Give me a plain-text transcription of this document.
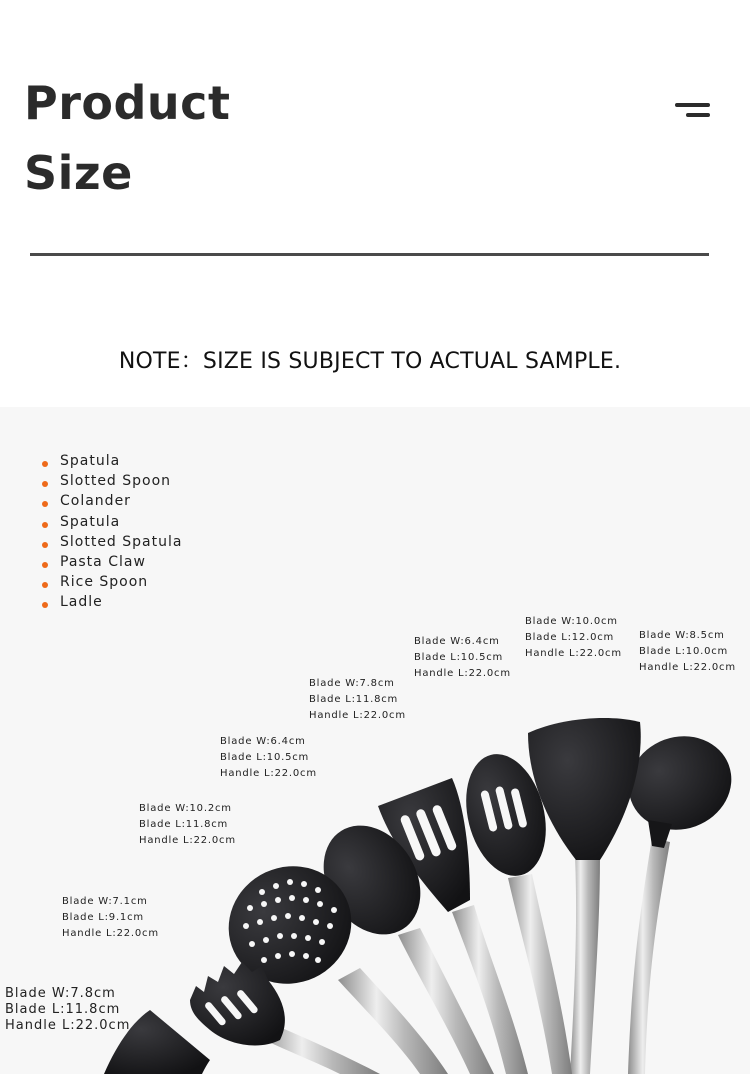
Product
Size
NOTE：SIZE IS SUBJECT TO ACTUAL SAMPLE.
Spatula
Slotted Spoon
Colander
Spatula
Slotted Spatula
Pasta Claw
Rice Spoon
Ladle
Blade W:7.8cm
Blade L:11.8cm
Handle L:22.0cm
Blade W:7.1cm
Blade L:9.1cm
Handle L:22.0cm
Blade W:10.2cm
Blade L:11.8cm
Handle L:22.0cm
Blade W:6.4cm
Blade L:10.5cm
Handle L:22.0cm
Blade W:7.8cm
Blade L:11.8cm
Handle L:22.0cm
Blade W:6.4cm
Blade L:10.5cm
Handle L:22.0cm
Blade W:10.0cm
Blade L:12.0cm
Handle L:22.0cm
Blade W:8.5cm
Blade L:10.0cm
Handle L:22.0cm
